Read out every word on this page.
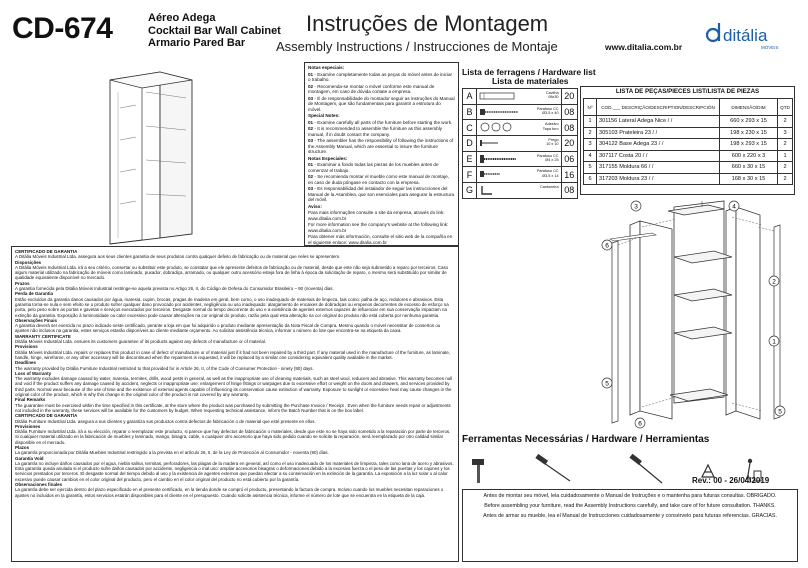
CD-674	Aéreo Adega
Cocktail Bar Wall Cabinet
Armario Pared Bar
Instruções de Montagem
Assembly Instructions / Instrucciones de Montaje	www.ditalia.com.br
ditália
MÓVEIS

Notas especiais:

01 - Examine completamente todas as peças do móvel antes de iniciar o trabalho.

02 - Recomenda-se montar o móvel conforme este manual de montagem, em caso de dúvida contate a empresa.

03 - É de responsabilidade do montador seguir as instruções do Manual de Montagem, que são fundamentais para garantir a estrutura do móvel.

Special Notes:

01 - Examine carefully all parts of the furniture before starting the work.

02 - It is recommended to assemble the furniture as this assembly manual, if in doubt contact the company.

03 - The assembler has the responsibility of following the instructions of the Assembly Manual, which are essential to insure the furniture structure.

Notas Especiales:

01 - Examinar a fondo todas las piezas de los muebles antes de comenzar el trabajo.

02 - Se recomienda montar el mueble como este manual de montaje, en caso de duda póngase en contacto con la empresa.

03 - Es responsabilidad del instalador de seguir las instrucciones del Manual de la Asamblea, que son esenciales para asegurar la estructura del móvil.

Aviso:

Para mais informações consulte o site da empresa, através do link: www.ditalia.com.br

For more information see the company's website at the following link: www.ditalia.com.br

Para obtener más información, consulte el sitio web de la compañía en el siguiente enlace: www.ditalia.com.br

CERTIFICADO DE GARANTIA

A Ditália Móveis Industrial Ltda. assegura aos seus clientes garantia de seus produtos contra qualquer defeito de fabricação ou de material que neles se apresentem.

Disposições

A Ditália Móveis Industrial Ltda. irá a seu critério, consertar ou substituir este produto, se constatar que ele apresente defeitos de fabricação ou de material, desde que este não seja submetido a reparo por terceiros. Caso algum material utilizado na fabricação de móveis como laminado, puxador, dobradiça, arramado, ou qualquer outro acessório esteja fora de linha à época da solicitação de reparo, o mesmo será substituído por similar de qualidade equivalente disponível no mercado.

Prazos

A garantia fornecida pela Ditália Móveis Industrial restringe-se aquela prevista no Artigo 26, II, do Código de Defesa do Consumidor Brasileiro – 90 (noventa) dias.

Perda de Garantia

Estão excluídos da garantia danos causados por água, maresia, cupim, brocas, pragas de madeira em geral, bem como, o uso inadequado de materiais de limpeza, tais como: palha de aço, redutores e abrasivos. Esta garantia torna-se nula e sem efeito se o produto sofrer qualquer dano provocado por acidentes, negligência ou uso inadequado: alargamento de encaixes de dobradiças ou empenos decorrentes de excesso de esforço na porta, pelo peso sobre as portas e gavetas e serviços executados por terceiros. Desgaste normal do tempo decorrente do uso e a existência de agentes externos capazes de influenciar em sua conservação impactam na extinção da garantia. Exposição à luminosidade ou calor excessivo pode causar alterações na cor original do produto, razão pela qual esta alteração na cor original do produto não está coberta por nenhuma garantia.

Observações Finais

A garantia deverá ser exercida no prazo indicado neste certificado, perante a loja em que foi adquirido o produto mediante apresentação da Nota Fiscal de Compra. Mesmo quando o móvel necessitar de consertos ou ajustes não inclusos na garantia, estes serviços estarão disponíveis ao cliente mediante orçamento. Ao solicitar assistência técnica, informar o número do lote que encontra-se na etiqueta da caixa.

WARRANTY CERTIFICATE

Ditália Móveis Industrial Ltda. ensures its customers guarantee of its products against any defects of manufacture or of material.

Provisions

Ditália Móveis Industrial Ltda. repairs or replaces this product in case of defect of manufacture or of material just if it had not been repaired by a third part. If any material used in the manufacture of the furniture, as laminate, handle, hinge, wireframe, or any other accessory will be discontinued when the repairment is requested, it will be replaced by a similar one considering equivalent quality available in the market.

Deadlines

The warranty provided by Ditália Furniture Industrial restricted to that provided for in Article 26, II, of the Code of Consumer Protection - ninety (90) days.

Loss of Warranty

The warranty excludes damage caused by water, maresia, termites, drills, wood pests in general, as well as the inappropriate use of cleaning materials, such as steel wool, reducers and abrasive. This warranty becomes null and void if the product suffers any damage caused by accident, neglects or inappropriate use: enlargement of hinge fittings or warpages due to excessive effort or weight on the doors and drawers, and services provided by third parts. Normal wear because of the use of time and the existence of external agents capable of influencing its conservation cause extinction of warranty. Exposure to sunlight or excessive heat may cause changes in the original color of the product, which is why this change in the original color of the product is not covered by any warranty.

Final Remarks

The guarantee must be exercised within the time specified in this certificate, at the store where the product was purchased by submitting the Purchase Invoice / Receipt . Even when the furniture needs repair or adjustments not included in the warranty, these services will be available for the customers by budget. When requesting technical assistance, inform the Batch Number that is on the box label.

CERTIFICADO DE GARANTÍA

Ditália Furniture Industrial Ltda. asegura a sus clientes y garantiza sus productos contra defectos de fabricación o de material que esté presente en ellos.

Provisiones

Ditália Furniture Industrial Ltda. irá a su elección, reparar o reemplazar este producto, si parece que hay defectos de fabricación o materiales, desde que este no se haya sido sometido a la reparación por parte de terceros. Si cualquier material utilizado en la fabricación de muebles y laminado, mango, bisagra, cable, o cualquier otro accesorio que haya sido pedido cuando se solicite la reparación, será reemplazado por otro calidad similar disponible en el mercado.

Plazos

La garantía proporcionada por Ditália Muebles Industrial restringido a la prevista en el artículo 26, II, de la Ley de Protección al Consumidor - noventa (90) días.

Garantía Void

La garantía no incluye daños causados por el agua, niebla salina, termitas, perforadores, las plagas de la madera en general, así como el uso inadecuado de los materiales de limpieza, tales como lana de acero y abrasivos. Esta garantía queda anulada si el producto sufre daños causados por accidente, negligencia o mal uso: ampliar accesorios bisagras o deformaciones debido a la excesiva fuerza o el peso de las puertas y los cajones y los servicios prestados por terceros. El desgaste normal del tiempo debido al uso y la existencia de agentes externos que puedan afectar a su conservación en la extinción de la garantía. La exposición a la luz solar o al calor excesivo puede causar cambios en el color original del producto, pero el cambio en el color original del producto no está cubierto por la garantía.

Observaciones finales

La garantía debe ser ejercida dentro del plazo especificado en el presente certificado, en la tienda donde se compró el producto, presentando la factura de compra. Incluso cuando los muebles necesitan reparaciones o ajustes no incluidos en la garantía, estos servicios estarán disponibles para el cliente en el presupuesto. Cuando solicite asistencia técnica, informe el número de lote que se encuentra en la etiqueta de la caja.

Lista de ferragens / Hardware list
Lista de materiales
A	Cavilha
08x30	20
B	Parafuso CC
Ø3,5 x 40	08
C	Adesivo
Tapa furo	08
D	Prego
10 x 10	20
E	Parafuso CC
Ø4 x 25	06
F	Parafuso CC
Ø3,5 x 14	16
G	Cantoneira	08
LISTA DE PEÇAS/PIECES LIST/LISTA DE PIEZAS
Nº	COD.___ DESCRIÇÃO/DESCRIPTION/DESCRIPCIÓN	DIMENSÃO/DIM	QTD
1	301156 Lateral Adega Nice / /	660 x 293 x 15	2
2	305103 Prateleira 23 / /	198 x 230 x 15	3
3	304122 Base Adega 23 / /	198 x 293 x 15	2
4	307117 Costa 20 / /	600 x 220 x 3	1
5	317155 Moldura 66 / /	660 x 30 x 15	2
6	317203 Moldura 23 / /	168 x 30 x 15	2
4
3
6
2
1
5
6
5
Ferramentas Necessárias / Hardware / Herramientas
Rev.: 00 - 26/04/2019

Antes de montar seu móvel, leia cuidadosamente o Manual de Instruções e o mantenha para futuras consultas. OBRIGADO.

Before assembling your furniture, read the Assembly Instructions carefully, and take care of for future consultation. THANKS.

Antes de armar su mueble, lea el Manual de Instrucciones cuidadosamente y consérvelo para futuras referencias. GRACIAS.
